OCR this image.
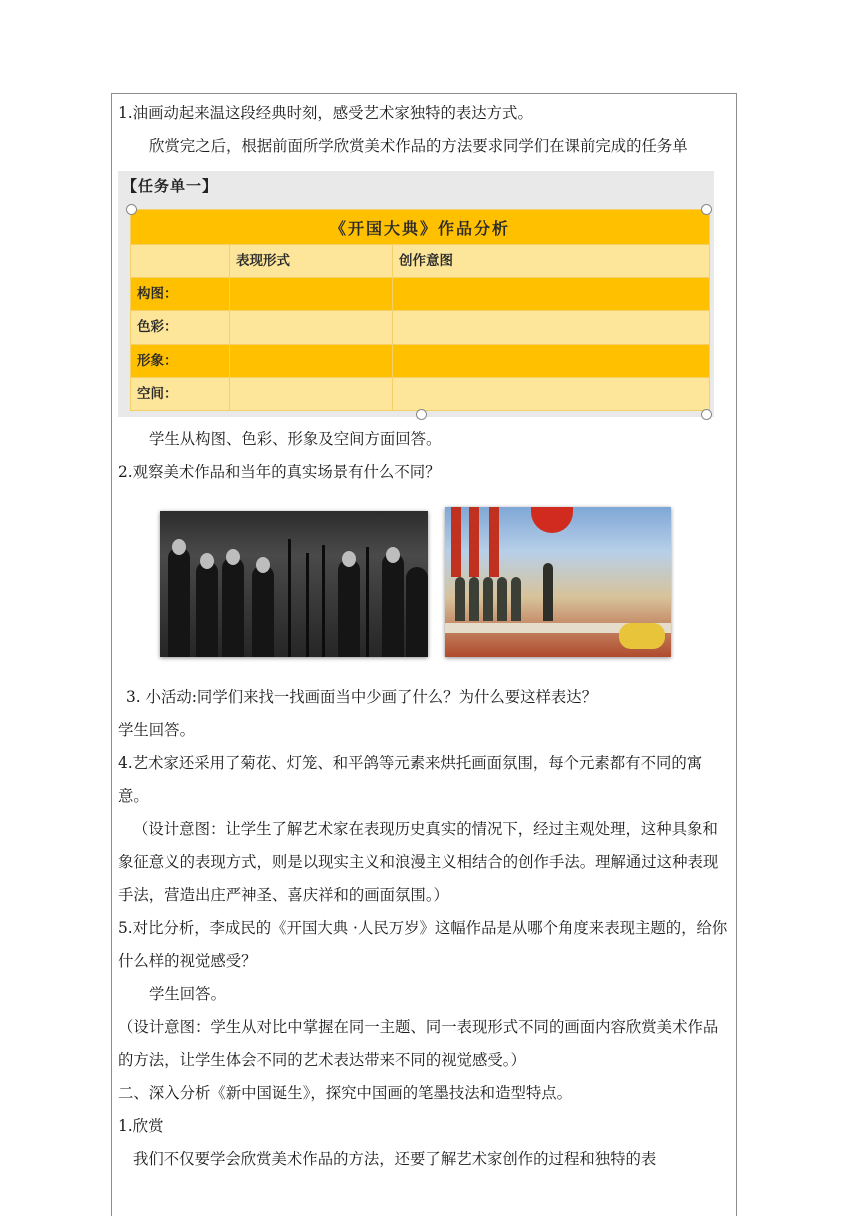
1.油画动起来温这段经典时刻，感受艺术家独特的表达方式。

欣赏完之后，根据前面所学欣赏美术作品的方法要求同学们在课前完成的任务单

【任务单一】
《开国大典》作品分析		
	表现形式	创作意图
构图：		
色彩：		
形象：		
空间：		

学生从构图、色彩、形象及空间方面回答。

2.观察美术作品和当年的真实场景有什么不同？

3. 小活动:同学们来找一找画面当中少画了什么？为什么要这样表达？

学生回答。

4.艺术家还采用了菊花、灯笼、和平鸽等元素来烘托画面氛围，每个元素都有不同的寓意。

（设计意图：让学生了解艺术家在表现历史真实的情况下，经过主观处理，这种具象和象征意义的表现方式，则是以现实主义和浪漫主义相结合的创作手法。理解通过这种表现手法，营造出庄严神圣、喜庆祥和的画面氛围。）

5.对比分析，李成民的《开国大典 ·人民万岁》这幅作品是从哪个角度来表现主题的，给你什么样的视觉感受？

学生回答。

（设计意图：学生从对比中掌握在同一主题、同一表现形式不同的画面内容欣赏美术作品的方法，让学生体会不同的艺术表达带来不同的视觉感受。）

二、深入分析《新中国诞生》，探究中国画的笔墨技法和造型特点。

1.欣赏

我们不仅要学会欣赏美术作品的方法，还要了解艺术家创作的过程和独特的表
